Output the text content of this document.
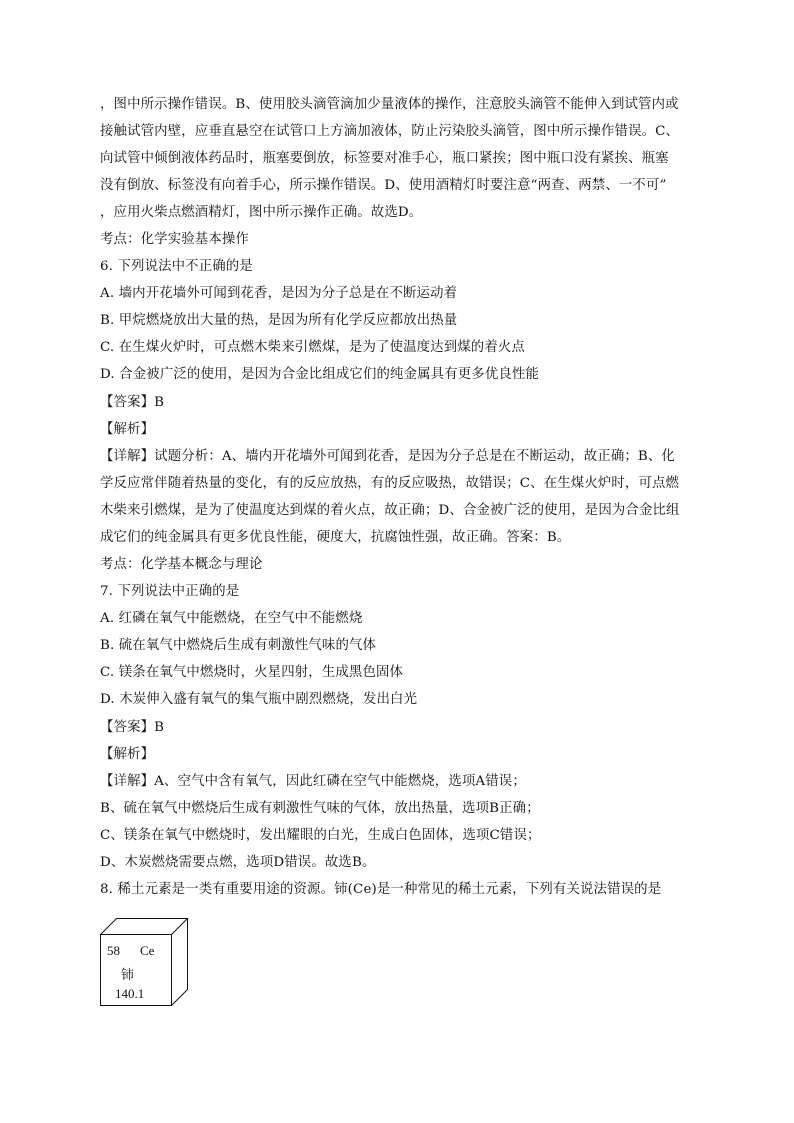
，图中所示操作错误。B、使用胶头滴管滴加少量液体的操作，注意胶头滴管不能伸入到试管内或
接触试管内壁，应垂直悬空在试管口上方滴加液体，防止污染胶头滴管，图中所示操作错误。C、
向试管中倾倒液体药品时，瓶塞要倒放，标签要对准手心，瓶口紧挨；图中瓶口没有紧挨、瓶塞
没有倒放、标签没有向着手心，所示操作错误。D、使用酒精灯时要注意“两查、两禁、一不可”
，应用火柴点燃酒精灯，图中所示操作正确。故选D。
考点：化学实验基本操作
6. 下列说法中不正确的是
A. 墙内开花墙外可闻到花香，是因为分子总是在不断运动着
B. 甲烷燃烧放出大量的热，是因为所有化学反应都放出热量
C. 在生煤火炉时，可点燃木柴来引燃煤，是为了使温度达到煤的着火点
D. 合金被广泛的使用，是因为合金比组成它们的纯金属具有更多优良性能
【答案】B
【解析】
【详解】试题分析：A、墙内开花墙外可闻到花香，是因为分子总是在不断运动，故正确；B、化
学反应常伴随着热量的变化，有的反应放热，有的反应吸热，故错误；C、在生煤火炉时，可点燃
木柴来引燃煤，是为了使温度达到煤的着火点，故正确；D、合金被广泛的使用，是因为合金比组
成它们的纯金属具有更多优良性能，硬度大，抗腐蚀性强，故正确。答案：B。
考点：化学基本概念与理论
7. 下列说法中正确的是
A. 红磷在氧气中能燃烧，在空气中不能燃烧
B. 硫在氧气中燃烧后生成有刺激性气味的气体
C. 镁条在氧气中燃烧时，火星四射，生成黑色固体
D. 木炭伸入盛有氧气的集气瓶中剧烈燃烧，发出白光
【答案】B
【解析】
【详解】A、空气中含有氧气，因此红磷在空气中能燃烧，选项A错误；
B、硫在氧气中燃烧后生成有刺激性气味的气体，放出热量，选项B正确；
C、镁条在氧气中燃烧时，发出耀眼的白光，生成白色固体，选项C错误；
D、木炭燃烧需要点燃，选项D错误。故选B。
8. 稀土元素是一类有重要用途的资源。铈(Ce)是一种常见的稀土元素，下列有关说法错误的是
58 Ce
铈
140.1
